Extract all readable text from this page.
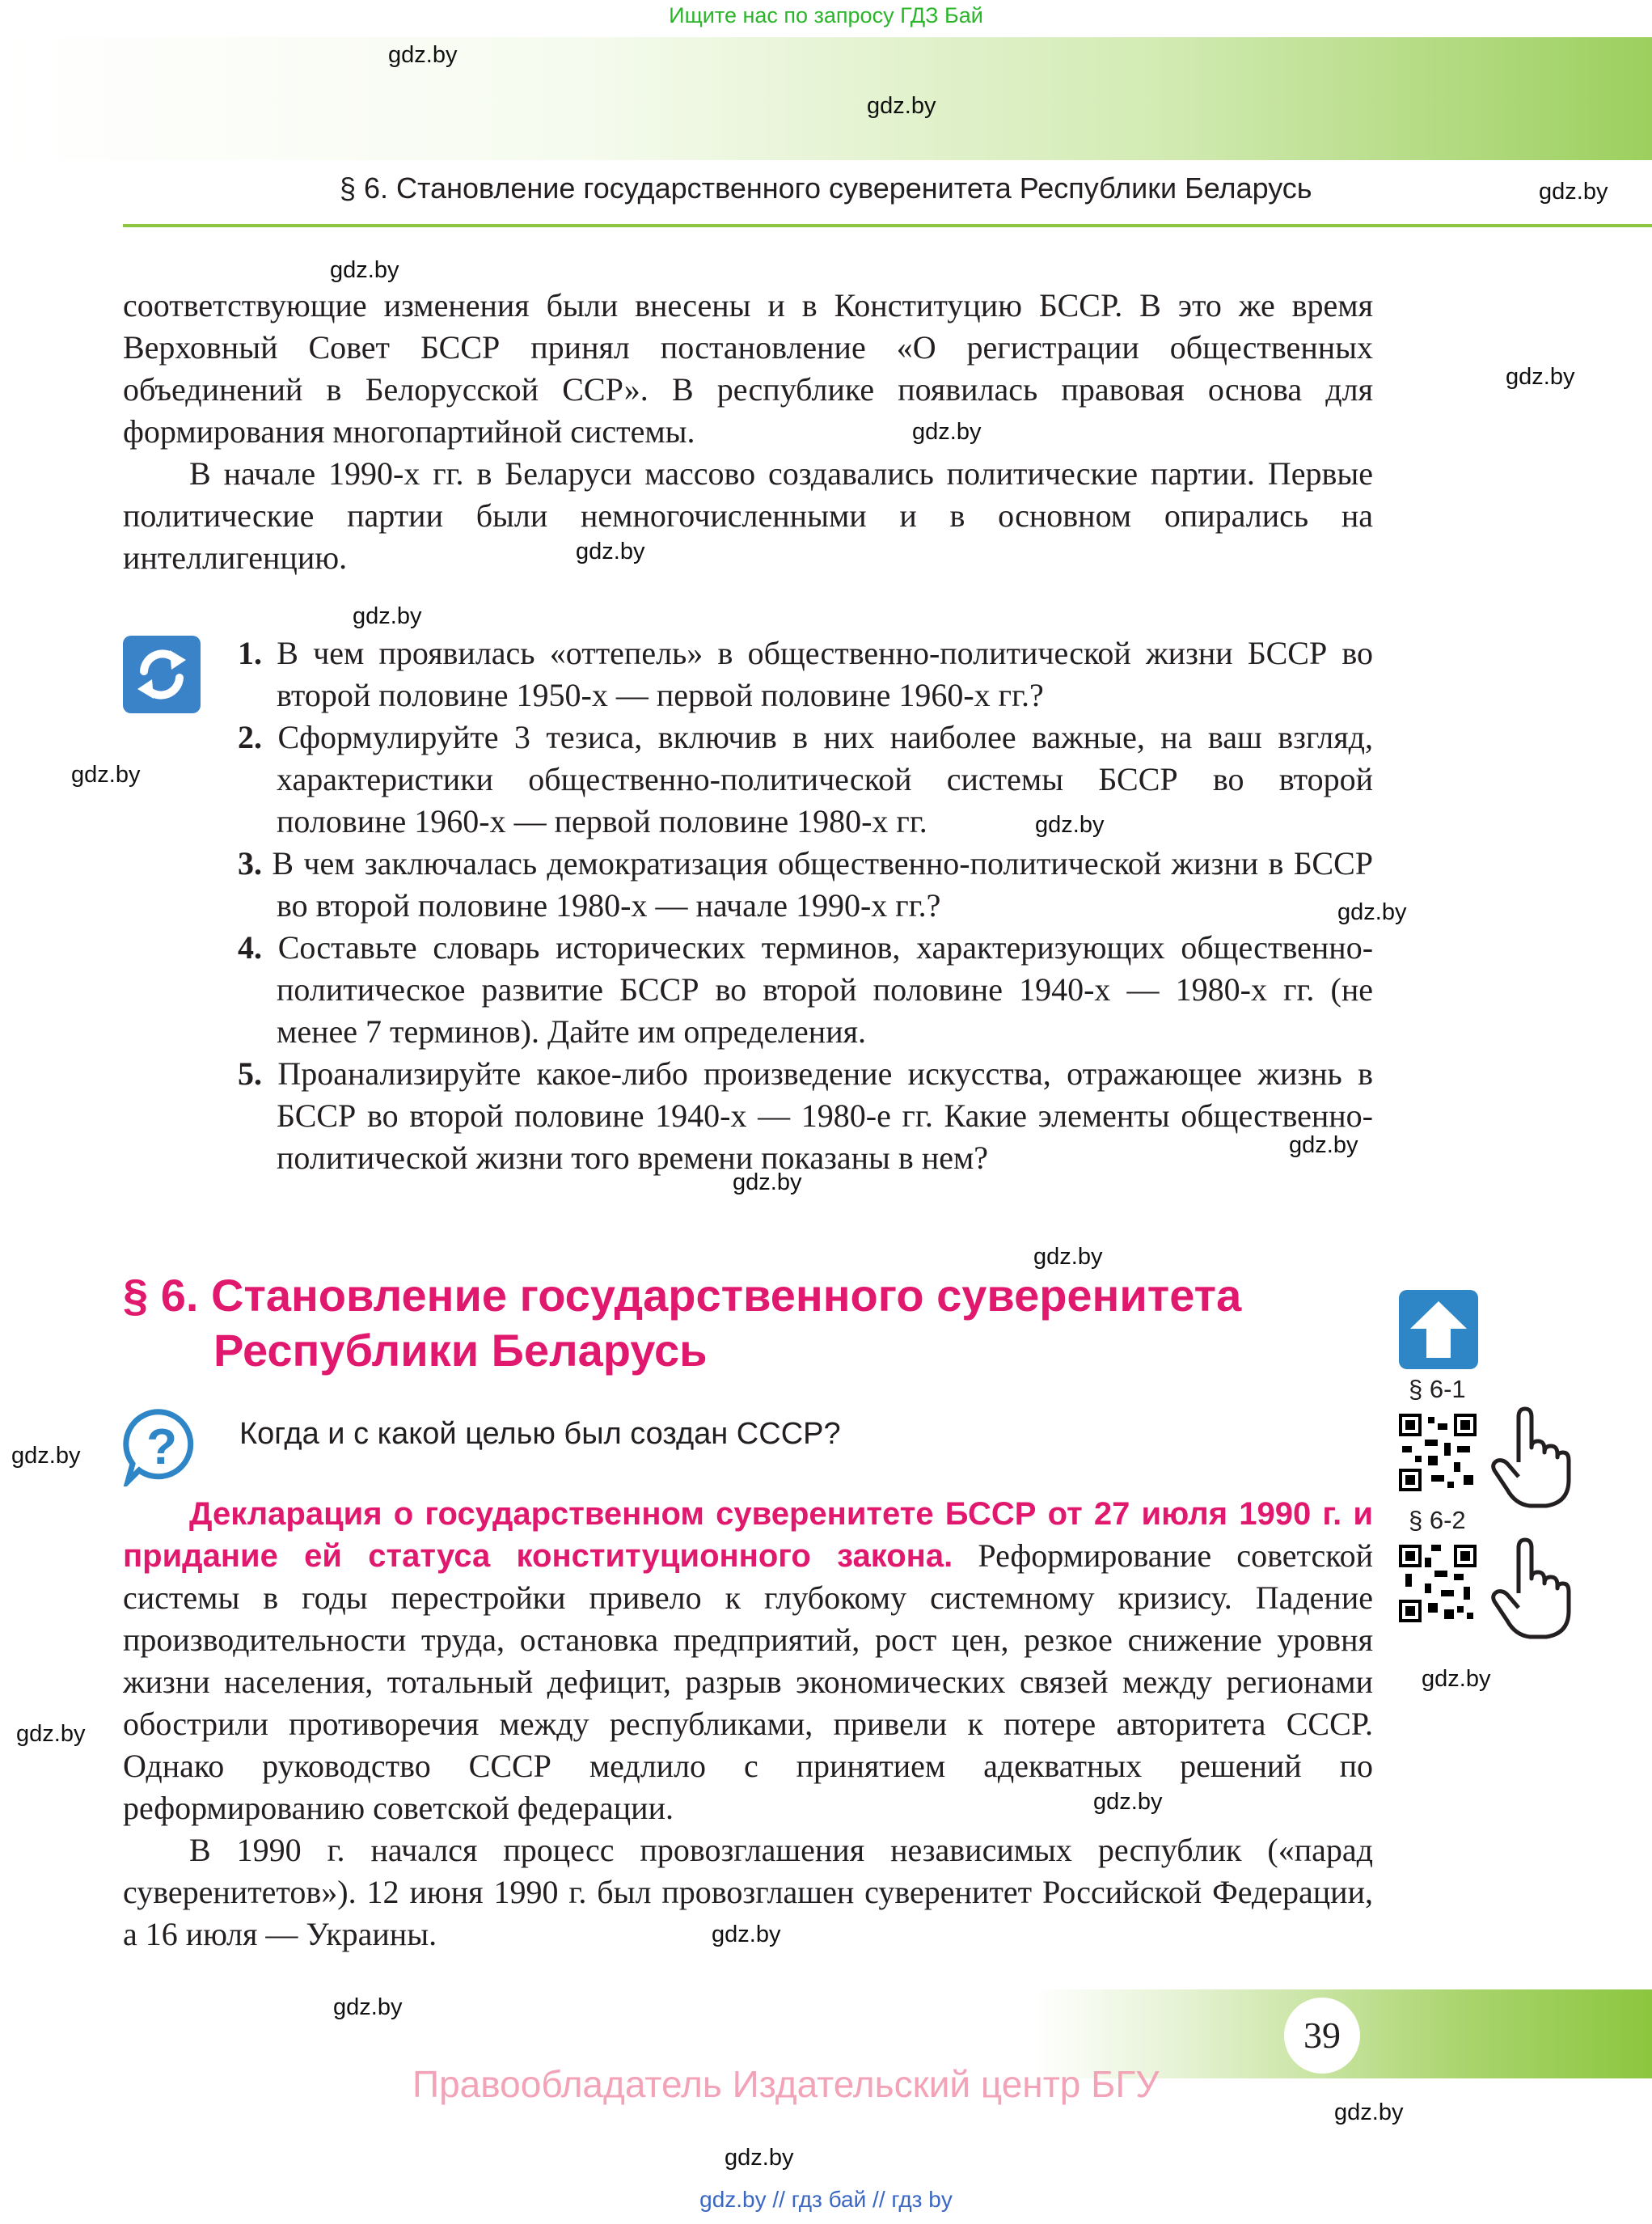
Ищите нас по запросу ГДЗ Бай
§ 6. Становление государственного суверенитета Республики Беларусь
gdz.by
gdz.by
gdz.by
gdz.by
gdz.by
gdz.by
gdz.by
gdz.by
gdz.by
gdz.by
gdz.by
gdz.by
gdz.by
gdz.by
gdz.by
gdz.by
gdz.by
gdz.by
gdz.by
gdz.by
gdz.by
gdz.by

соответствующие изменения были внесены и в Конституцию БССР. В это же время Верховный Совет БССР принял постановление «О регистрации общественных объединений в Белорусской ССР». В республике появилась правовая основа для формирования многопартийной системы.

В начале 1990-х гг. в Беларуси массово создавались политические партии. Первые политические партии были немногочисленными и в основном опирались на интеллигенцию.

1. В чем проявилась «оттепель» в общественно-политической жизни БССР во второй половине 1950-х — первой половине 1960-х гг.?

2. Сформулируйте 3 тезиса, включив в них наиболее важные, на ваш взгляд, характеристики общественно-политической системы БССР во второй половине 1960-х — первой половине 1980-х гг.

3. В чем заключалась демократизация общественно-политической жизни в БССР во второй половине 1980-х — начале 1990-х гг.?

4. Составьте словарь исторических терминов, характеризующих общественно-политическое развитие БССР во второй половине 1940-х — 1980-х гг. (не менее 7 терминов). Дайте им определения.

5. Проанализируйте какое-либо произведение искусства, отражающее жизнь в БССР во второй половине 1940-х — 1980-е гг. Какие элементы общественно-политической жизни того времени показаны в нем?

§ 6. Становление государственного суверенитета
Республики Беларусь
? Когда и с какой целью был создан СССР?

Декларация о государственном суверенитете БССР от 27 июля 1990 г. и придание ей статуса конституционного закона. Реформирование советской системы в годы перестройки привело к глубокому системному кризису. Падение производительности труда, остановка предприятий, рост цен, резкое снижение уровня жизни населения, тотальный дефицит, разрыв экономических связей между регионами обострили противоречия между республиками, привели к потере авторитета СССР. Однако руководство СССР медлило с принятием адекватных решений по реформированию советской федерации.

В 1990 г. начался процесс провозглашения независимых республик («парад суверенитетов»). 12 июня 1990 г. был провозглашен суверенитет Российской Федерации, а 16 июля — Украины.

§ 6-1
§ 6-2
39
Правообладатель Издательский центр БГУ
gdz.by // гдз бай // гдз by
